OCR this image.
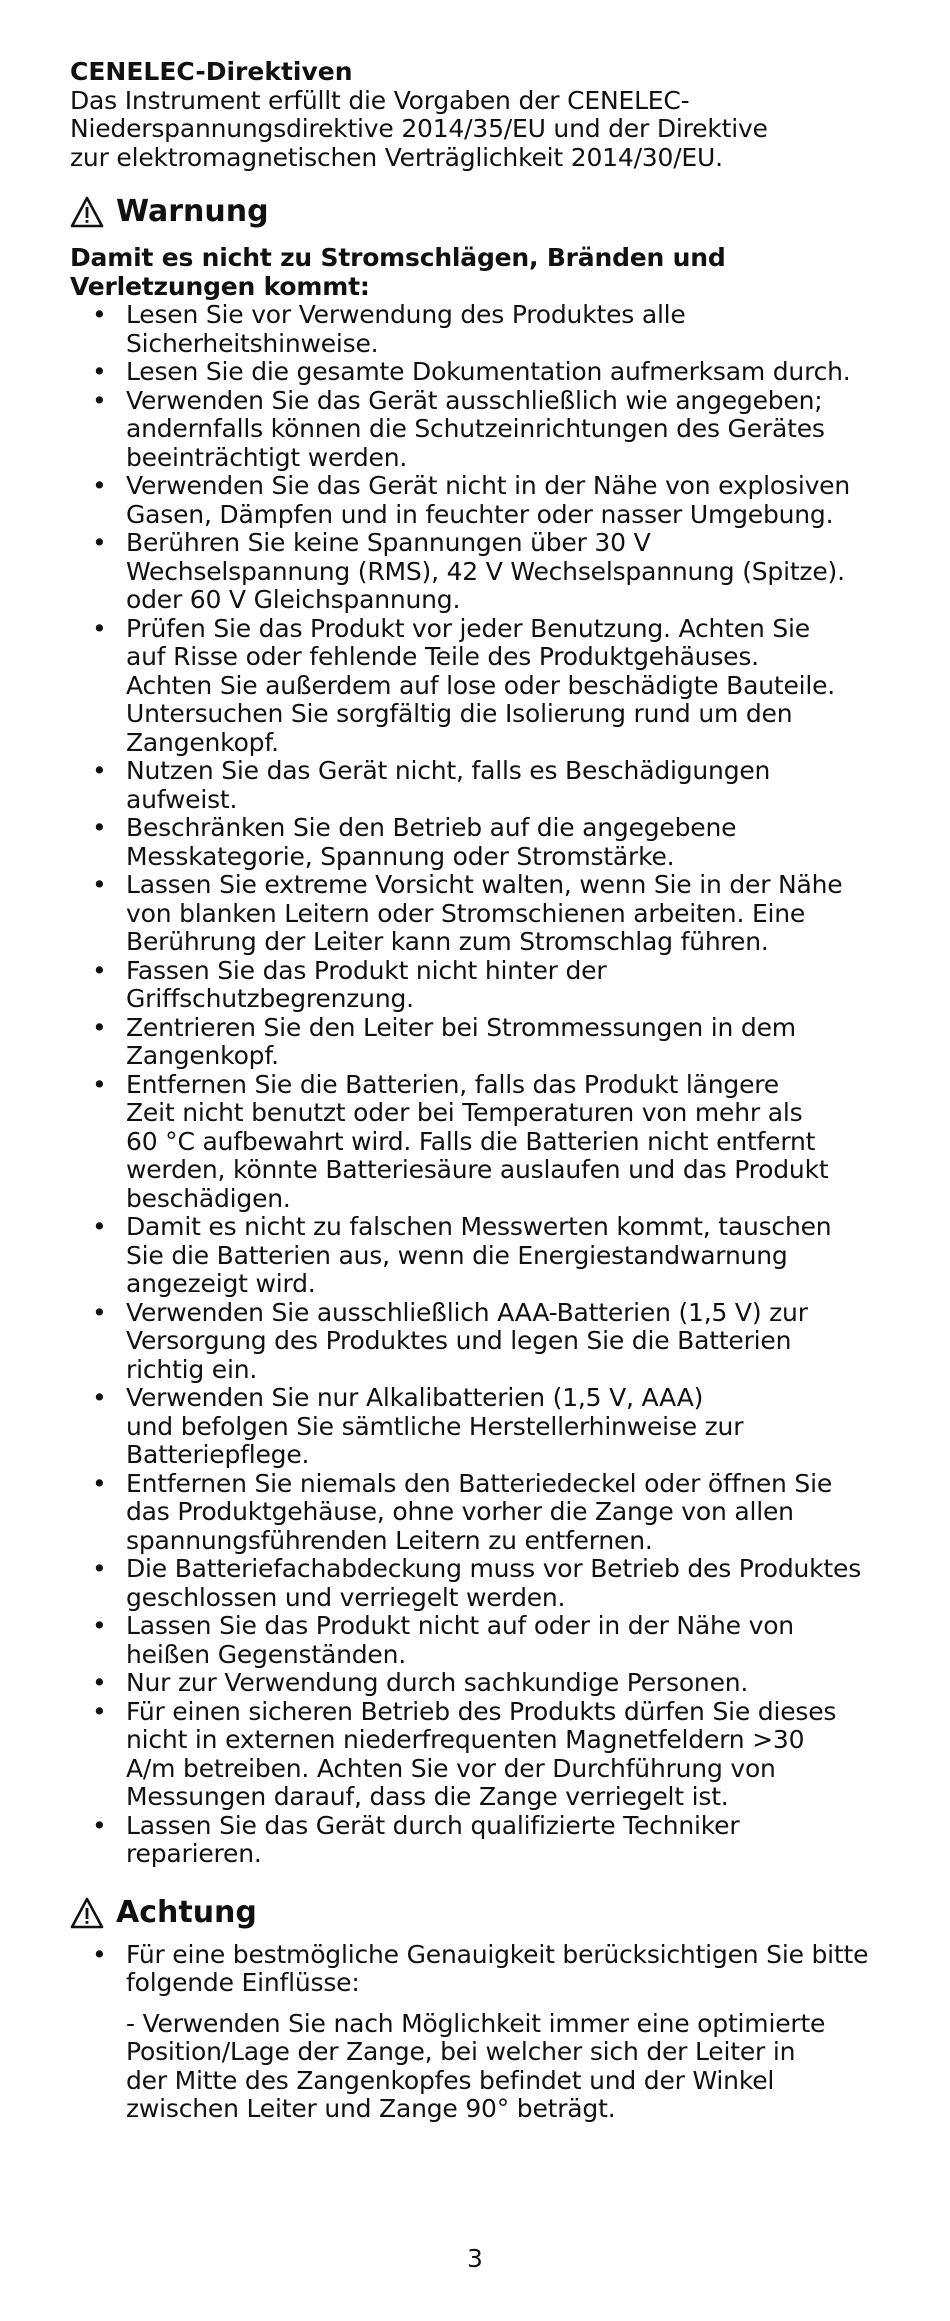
CENELEC-Direktiven
Das Instrument erfüllt die Vorgaben der CENELEC-
Niederspannungsdirektive 2014/35/EU und der Direktive
zur elektromagnetischen Verträglichkeit 2014/30/EU.
Warnung
Damit es nicht zu Stromschlägen, Bränden und
Verletzungen kommt:
• Lesen Sie vor Verwendung des Produktes alle
Sicherheitshinweise.
• Lesen Sie die gesamte Dokumentation aufmerksam durch.
• Verwenden Sie das Gerät ausschließlich wie angegeben;
andernfalls können die Schutzeinrichtungen des Gerätes
beeinträchtigt werden.
• Verwenden Sie das Gerät nicht in der Nähe von explosiven
Gasen, Dämpfen und in feuchter oder nasser Umgebung.
• Berühren Sie keine Spannungen über 30 V
Wechselspannung (RMS), 42 V Wechselspannung (Spitze).
oder 60 V Gleichspannung.
• Prüfen Sie das Produkt vor jeder Benutzung. Achten Sie
auf Risse oder fehlende Teile des Produktgehäuses.
Achten Sie außerdem auf lose oder beschädigte Bauteile.
Untersuchen Sie sorgfältig die Isolierung rund um den
Zangenkopf.
• Nutzen Sie das Gerät nicht, falls es Beschädigungen
aufweist.
• Beschränken Sie den Betrieb auf die angegebene
Messkategorie, Spannung oder Stromstärke.
• Lassen Sie extreme Vorsicht walten, wenn Sie in der Nähe
von blanken Leitern oder Stromschienen arbeiten. Eine
Berührung der Leiter kann zum Stromschlag führen.
• Fassen Sie das Produkt nicht hinter der
Griffschutzbegrenzung.
• Zentrieren Sie den Leiter bei Strommessungen in dem
Zangenkopf.
• Entfernen Sie die Batterien, falls das Produkt längere
Zeit nicht benutzt oder bei Temperaturen von mehr als
60 °C aufbewahrt wird. Falls die Batterien nicht entfernt
werden, könnte Batteriesäure auslaufen und das Produkt
beschädigen.
• Damit es nicht zu falschen Messwerten kommt, tauschen
Sie die Batterien aus, wenn die Energiestandwarnung
angezeigt wird.
• Verwenden Sie ausschließlich AAA-Batterien (1,5 V) zur
Versorgung des Produktes und legen Sie die Batterien
richtig ein.
• Verwenden Sie nur Alkalibatterien (1,5 V, AAA)
und befolgen Sie sämtliche Herstellerhinweise zur
Batteriepflege.
• Entfernen Sie niemals den Batteriedeckel oder öffnen Sie
das Produktgehäuse, ohne vorher die Zange von allen
spannungsführenden Leitern zu entfernen.
• Die Batteriefachabdeckung muss vor Betrieb des Produktes
geschlossen und verriegelt werden.
• Lassen Sie das Produkt nicht auf oder in der Nähe von
heißen Gegenständen.
• Nur zur Verwendung durch sachkundige Personen.
• Für einen sicheren Betrieb des Produkts dürfen Sie dieses
nicht in externen niederfrequenten Magnetfeldern >30
A/m betreiben. Achten Sie vor der Durchführung von
Messungen darauf, dass die Zange verriegelt ist.
• Lassen Sie das Gerät durch qualifizierte Techniker
reparieren.
Achtung
• Für eine bestmögliche Genauigkeit berücksichtigen Sie bitte
folgende Einflüsse:
- Verwenden Sie nach Möglichkeit immer eine optimierte
Position/Lage der Zange, bei welcher sich der Leiter in
der Mitte des Zangenkopfes befindet und der Winkel
zwischen Leiter und Zange 90° beträgt.
3
